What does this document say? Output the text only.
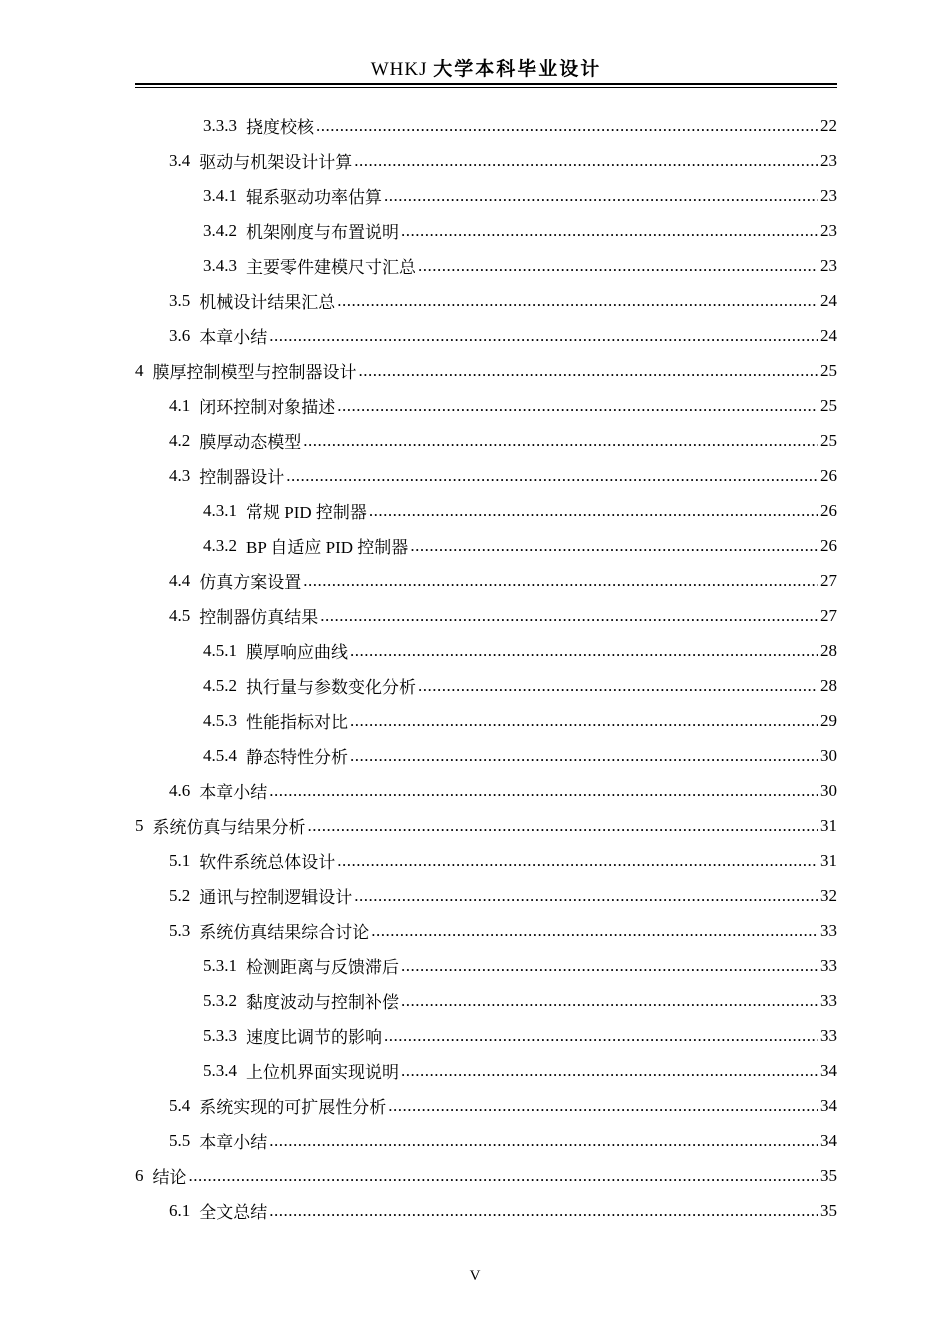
WHKJ 大学本科毕业设计
3.3.3 挠度校核 .....	22
3.4 驱动与机架设计计算 .....	23
3.4.1 辊系驱动功率估算 .....	23
3.4.2 机架刚度与布置说明 .....	23
3.4.3 主要零件建模尺寸汇总 .....	23
3.5 机械设计结果汇总 .....	24
3.6 本章小结 .....	24
4 膜厚控制模型与控制器设计 .....	25
4.1 闭环控制对象描述 .....	25
4.2 膜厚动态模型 .....	25
4.3 控制器设计 .....	26
4.3.1 常规 PID 控制器 .....	26
4.3.2 BP 自适应 PID 控制器 .....	26
4.4 仿真方案设置 .....	27
4.5 控制器仿真结果 .....	27
4.5.1 膜厚响应曲线 .....	28
4.5.2 执行量与参数变化分析 .....	28
4.5.3 性能指标对比 .....	29
4.5.4 静态特性分析 .....	30
4.6 本章小结 .....	30
5 系统仿真与结果分析 .....	31
5.1 软件系统总体设计 .....	31
5.2 通讯与控制逻辑设计 .....	32
5.3 系统仿真结果综合讨论 .....	33
5.3.1 检测距离与反馈滞后 .....	33
5.3.2 黏度波动与控制补偿 .....	33
5.3.3 速度比调节的影响 .....	33
5.3.4 上位机界面实现说明 .....	34
5.4 系统实现的可扩展性分析 .....	34
5.5 本章小结 .....	34
6 结论 .....	35
6.1 全文总结 .....	35
V
